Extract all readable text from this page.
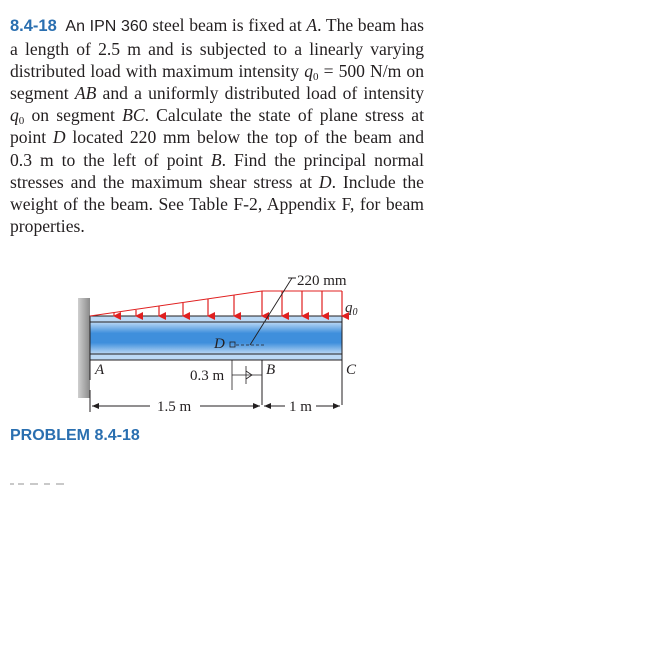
8.4-18 An IPN 360 steel beam is fixed at A. The beam has a length of 2.5 m and is subjected to a linearly varying distributed load with maximum intensity $q_0 = 500$ N/m on segment AB and a uniformly distributed load of intensity $q_0$ on segment BC. Calculate the state of plane stress at point D located 220 mm below the top of the beam and 0.3 m to the left of point B. Find the principal normal stresses and the maximum shear stress at D. Include the weight of the beam. See Table F-2, Appendix F, for beam properties.
220 mm
$q_0$
D
A	B	C
0.3 m
1.5 m	1 m
PROBLEM 8.4-18
